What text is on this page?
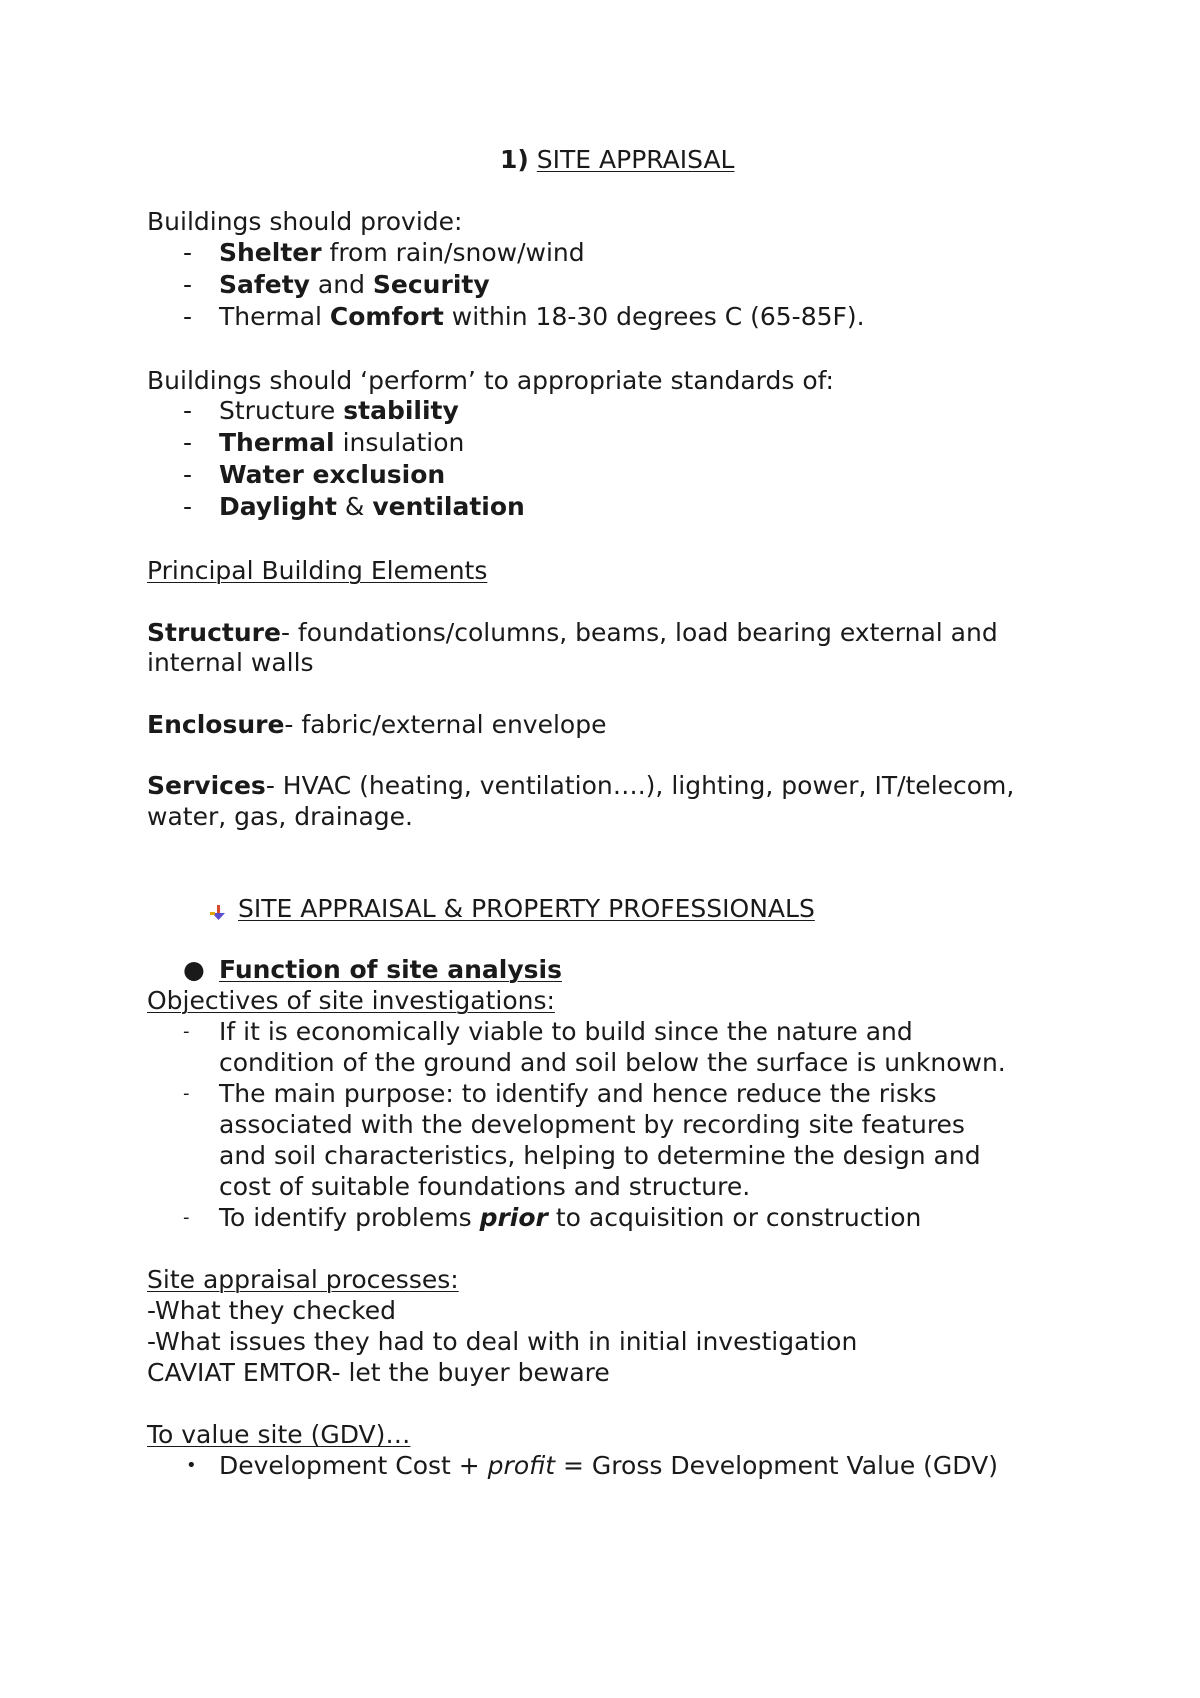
1) SITE APPRAISAL
Buildings should provide:
- Shelter from rain/snow/wind
- Safety and Security
- Thermal Comfort within 18-30 degrees C (65-85F).
Buildings should ‘perform’ to appropriate standards of:
- Structure stability
- Thermal insulation
- Water exclusion
- Daylight & ventilation
Principal Building Elements
Structure- foundations/columns, beams, load bearing external and
internal walls
Enclosure- fabric/external envelope
Services- HVAC (heating, ventilation….), lighting, power, IT/telecom,
water, gas, drainage.
SITE APPRAISAL & PROPERTY PROFESSIONALS
● Function of site analysis
Objectives of site investigations:
- If it is economically viable to build since the nature and
condition of the ground and soil below the surface is unknown.
- The main purpose: to identify and hence reduce the risks
associated with the development by recording site features
and soil characteristics, helping to determine the design and
cost of suitable foundations and structure.
- To identify problems prior to acquisition or construction
Site appraisal processes:
-What they checked
-What issues they had to deal with in initial investigation
CAVIAT EMTOR- let the buyer beware
To value site (GDV)…
• Development Cost + profit = Gross Development Value (GDV)
